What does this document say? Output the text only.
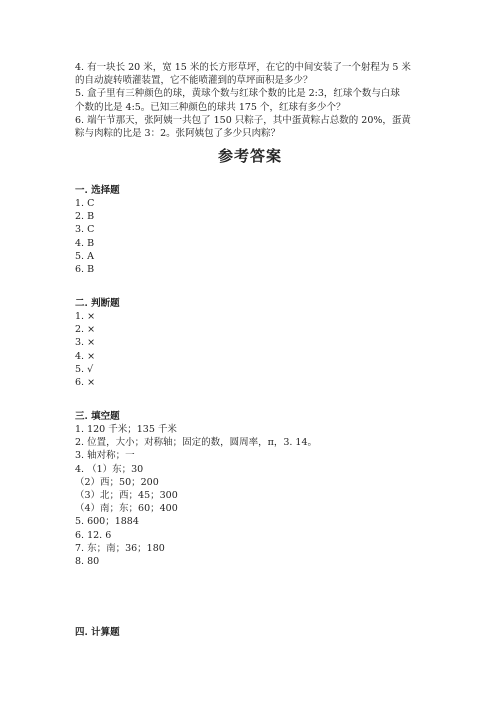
4. 有一块长 20 米，宽 15 米的长方形草坪，在它的中间安装了一个射程为 5 米

的自动旋转喷灌装置，它不能喷灌到的草坪面积是多少？

5. 盒子里有三种颜色的球，黄球个数与红球个数的比是 2:3，红球个数与白球

个数的比是 4:5。已知三种颜色的球共 175 个，红球有多少个？

6. 端午节那天，张阿姨一共包了 150 只粽子，其中蛋黄粽占总数的 20%，蛋黄

粽与肉粽的比是 3：2。张阿姨包了多少只肉粽？

参考答案
一. 选择题
1. C
2. B
3. C
4. B
5. A
6. B
二. 判断题
1. ×
2. ×
3. ×
4. ×
5. √
6. ×
三. 填空题
1. 120 千米；135 千米
2. 位置，大小；对称轴；固定的数，圆周率，π，3. 14。
3. 轴对称；一
4. （1）东；30
（2）西；50；200
（3）北；西；45；300
（4）南；东；60；400
5. 600；1884
6. 12. 6
7. 东；南；36；180
8. 80
四. 计算题
